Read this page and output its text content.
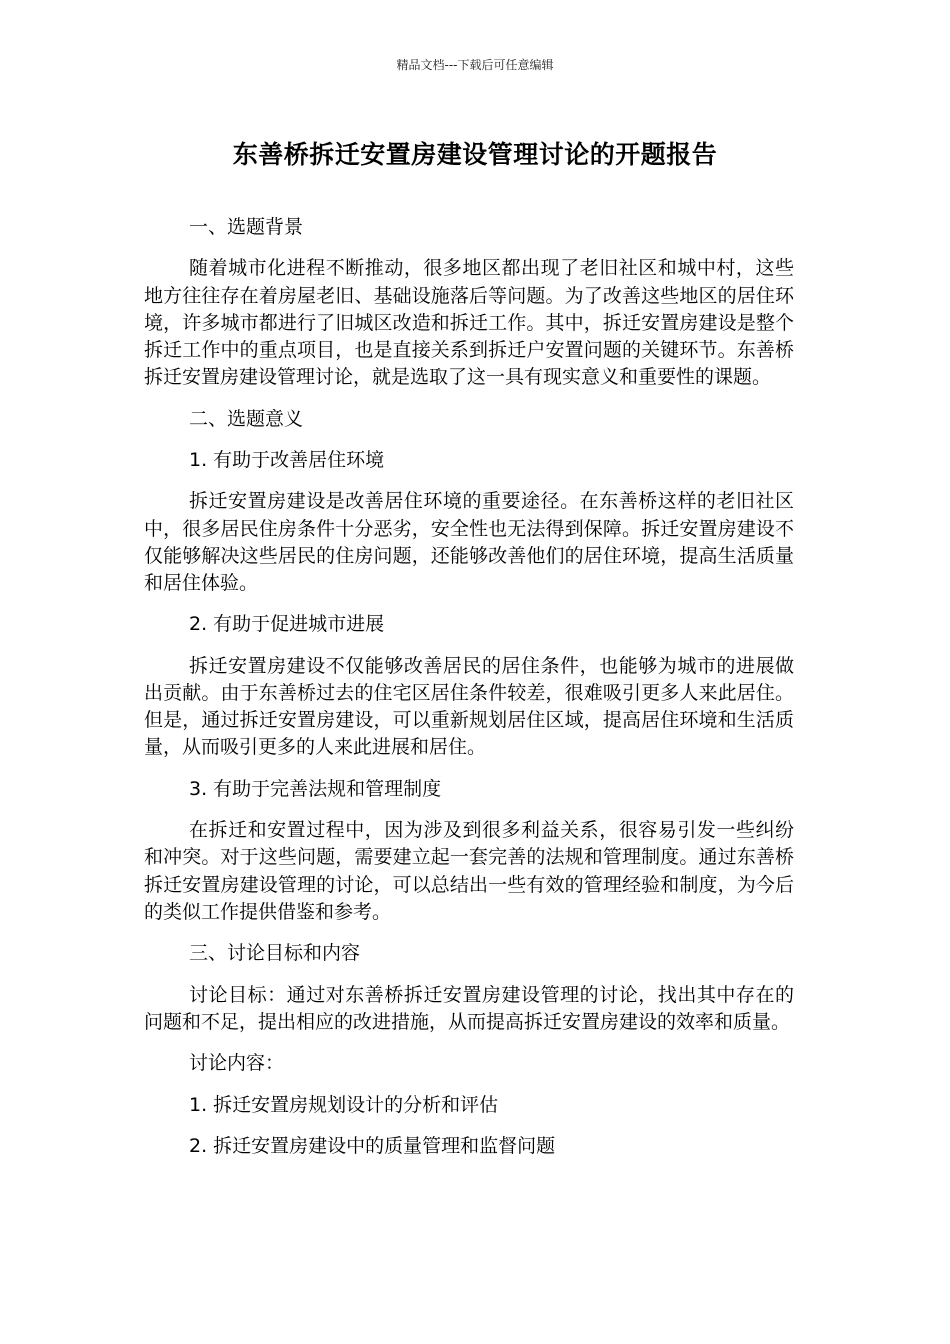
精品文档---下载后可任意编辑
东善桥拆迁安置房建设管理讨论的开题报告

一、选题背景

随着城市化进程不断推动，很多地区都出现了老旧社区和城中村，这些地方往往存在着房屋老旧、基础设施落后等问题。为了改善这些地区的居住环境，许多城市都进行了旧城区改造和拆迁工作。其中，拆迁安置房建设是整个拆迁工作中的重点项目，也是直接关系到拆迁户安置问题的关键环节。东善桥拆迁安置房建设管理讨论，就是选取了这一具有现实意义和重要性的课题。

二、选题意义

1. 有助于改善居住环境

拆迁安置房建设是改善居住环境的重要途径。在东善桥这样的老旧社区中，很多居民住房条件十分恶劣，安全性也无法得到保障。拆迁安置房建设不仅能够解决这些居民的住房问题，还能够改善他们的居住环境，提高生活质量和居住体验。

2. 有助于促进城市进展

拆迁安置房建设不仅能够改善居民的居住条件，也能够为城市的进展做出贡献。由于东善桥过去的住宅区居住条件较差，很难吸引更多人来此居住。但是，通过拆迁安置房建设，可以重新规划居住区域，提高居住环境和生活质量，从而吸引更多的人来此进展和居住。

3. 有助于完善法规和管理制度

在拆迁和安置过程中，因为涉及到很多利益关系，很容易引发一些纠纷和冲突。对于这些问题，需要建立起一套完善的法规和管理制度。通过东善桥拆迁安置房建设管理的讨论，可以总结出一些有效的管理经验和制度，为今后的类似工作提供借鉴和参考。

三、讨论目标和内容

讨论目标：通过对东善桥拆迁安置房建设管理的讨论，找出其中存在的问题和不足，提出相应的改进措施，从而提高拆迁安置房建设的效率和质量。

讨论内容：

1. 拆迁安置房规划设计的分析和评估

2. 拆迁安置房建设中的质量管理和监督问题
